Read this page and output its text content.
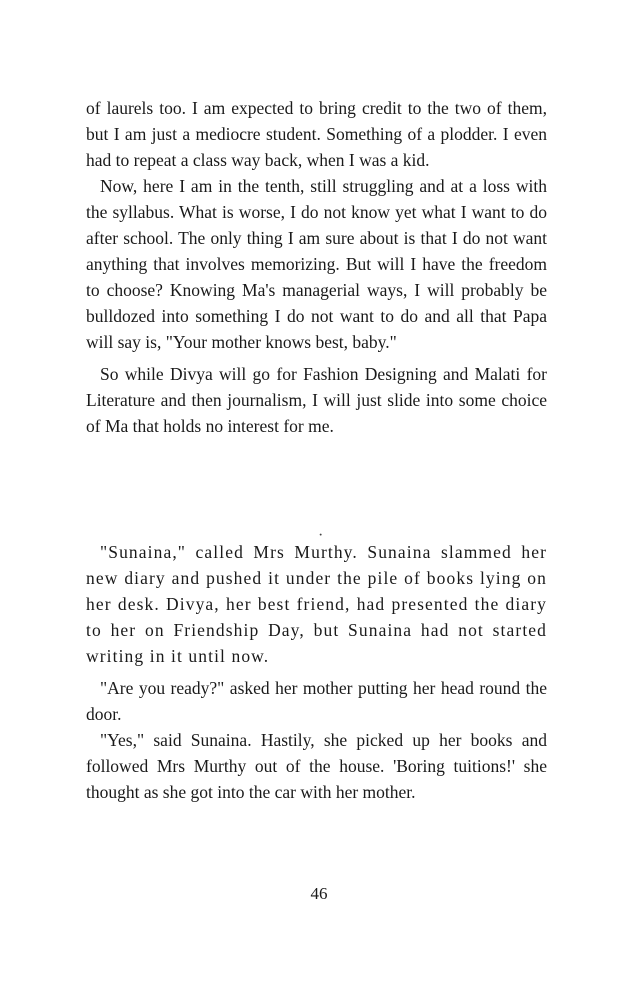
of laurels too. I am expected to bring credit to the two of them, but I am just a mediocre student. Something of a plodder. I even had to repeat a class way back, when I was a kid.

Now, here I am in the tenth, still struggling and at a loss with the syllabus. What is worse, I do not know yet what I want to do after school. The only thing I am sure about is that I do not want anything that involves memorizing. But will I have the freedom to choose? Knowing Ma's managerial ways, I will probably be bulldozed into something I do not want to do and all that Papa will say is, "Your mother knows best, baby."

So while Divya will go for Fashion Designing and Malati for Literature and then journalism, I will just slide into some choice of Ma that holds no interest for me.

·

"Sunaina," called Mrs Murthy. Sunaina slammed her new diary and pushed it under the pile of books lying on her desk. Divya, her best friend, had presented the diary to her on Friendship Day, but Sunaina had not started writing in it until now.

"Are you ready?" asked her mother putting her head round the door.

"Yes," said Sunaina. Hastily, she picked up her books and followed Mrs Murthy out of the house. 'Boring tuitions!' she thought as she got into the car with her mother.

46
